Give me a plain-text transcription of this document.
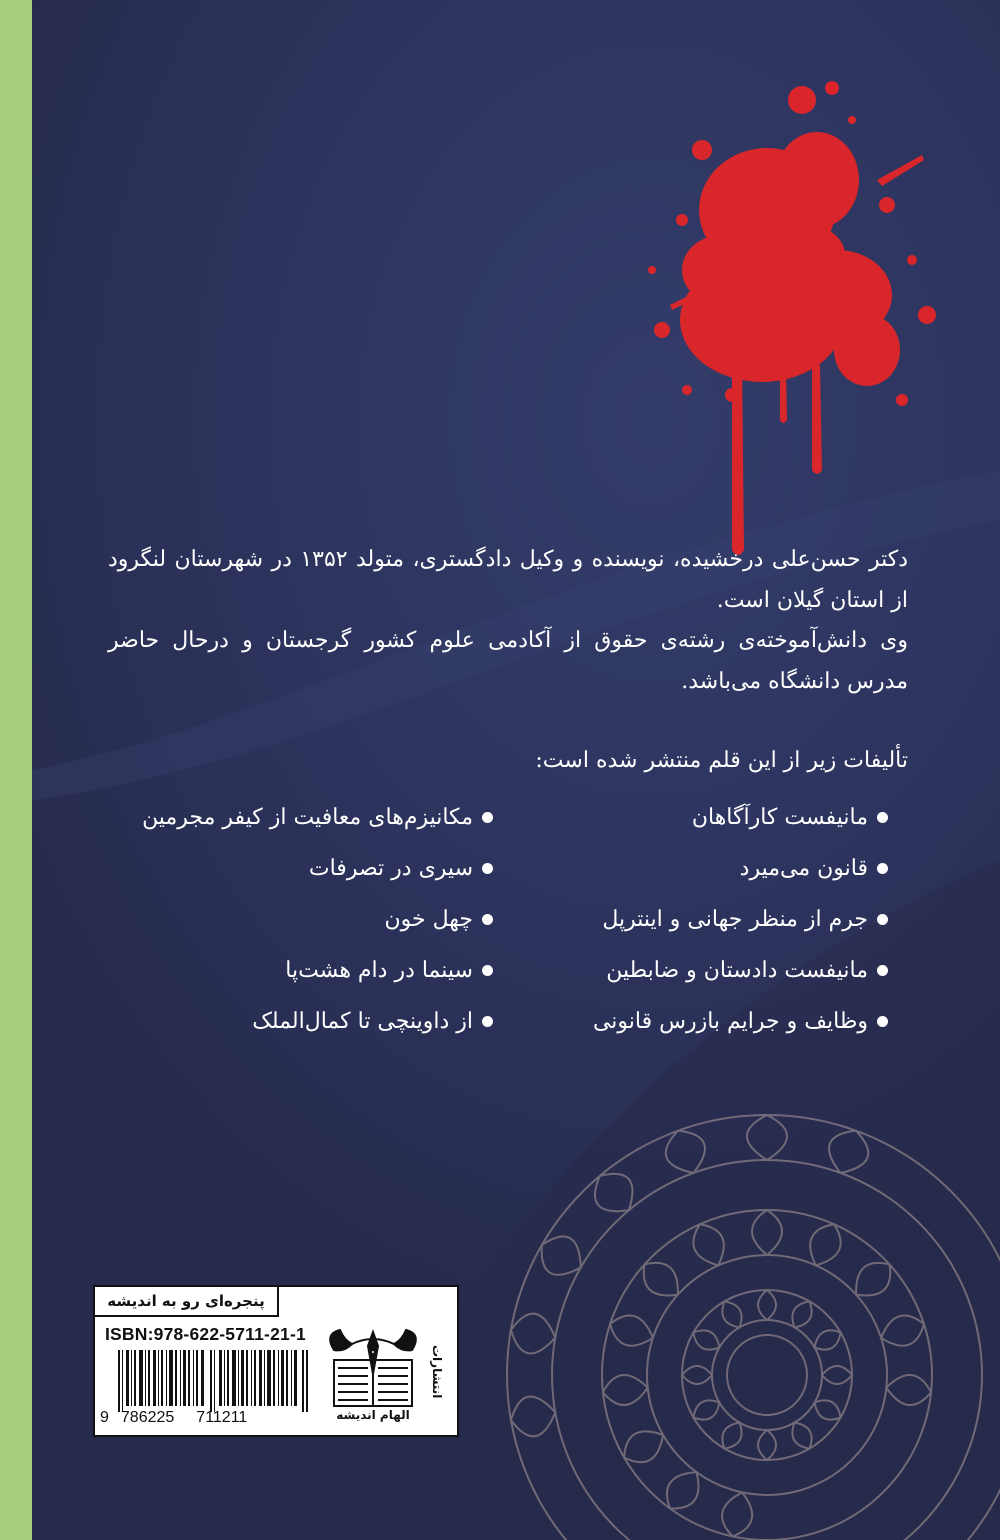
دکتر حسن‌علی درخشیده، نویسنده و وکیل دادگستری، متولد ۱۳۵۲ در شهرستان لنگرود از استان گیلان است.

وی دانش‌آموخته‌ی رشته‌ی حقوق از آکادمی علوم کشور گرجستان و درحال حاضر مدرس دانشگاه می‌باشد.

تألیفات زیر از این قلم منتشر شده است:
مانیفست کارآگاهان
مکانیزم‌های معافیت از کیفر مجرمین
قانون می‌میرد
سیری در تصرفات
جرم از منظر جهانی و اینترپل
چهل خون
مانیفست دادستان و ضابطین
سینما در دام هشت‌پا
وظایف و جرایم بازرس قانونی
از داوینچی تا کمال‌الملک
پنجره‌ای رو به اندیشه
ISBN:978-622-5711-21-1
9 786225 711211
انتشارات
الهام اندیشه
